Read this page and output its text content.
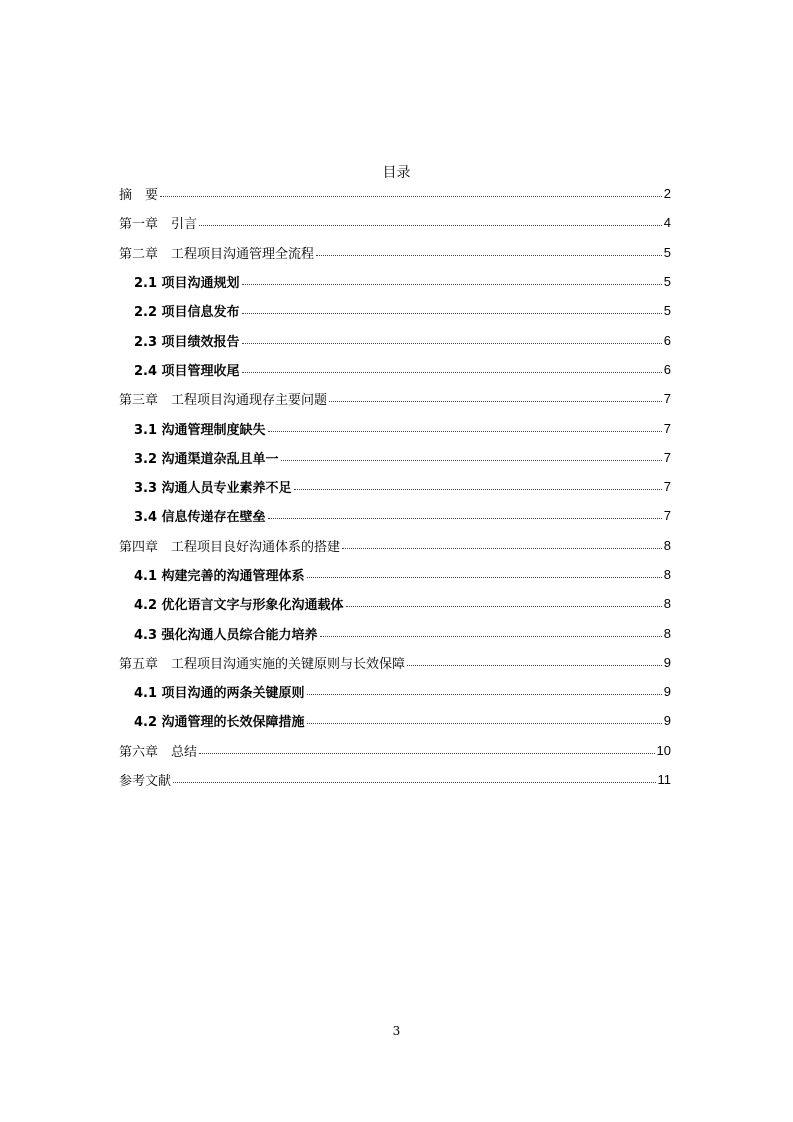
目录
摘　要	2
第一章　引言	4
第二章　工程项目沟通管理全流程	5
2.1 项目沟通规划	5
2.2 项目信息发布	5
2.3 项目绩效报告	6
2.4 项目管理收尾	6
第三章　工程项目沟通现存主要问题	7
3.1 沟通管理制度缺失	7
3.2 沟通渠道杂乱且单一	7
3.3 沟通人员专业素养不足	7
3.4 信息传递存在壁垒	7
第四章　工程项目良好沟通体系的搭建	8
4.1 构建完善的沟通管理体系	8
4.2 优化语言文字与形象化沟通载体	8
4.3 强化沟通人员综合能力培养	8
第五章　工程项目沟通实施的关键原则与长效保障	9
4.1 项目沟通的两条关键原则	9
4.2 沟通管理的长效保障措施	9
第六章　总结	10
参考文献	11
3
